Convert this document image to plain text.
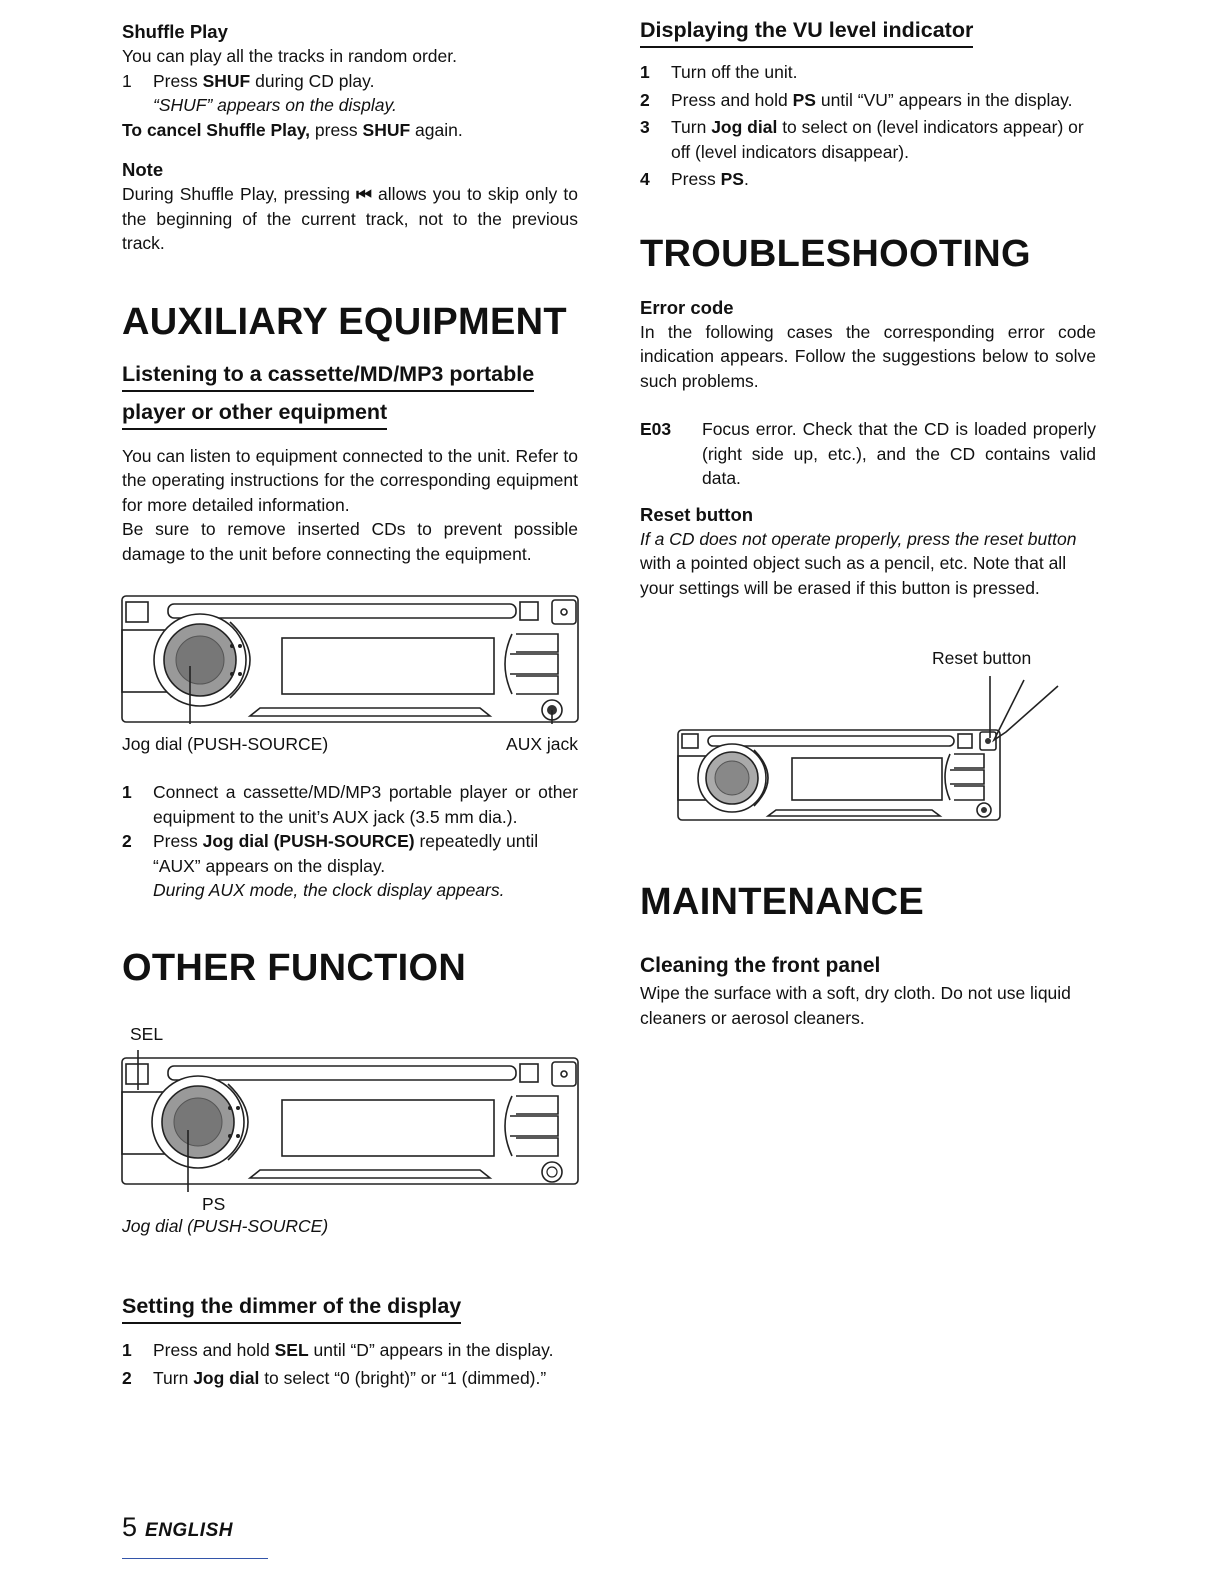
Shuffle Play

You can play all the tracks in random order.

1 Press SHUF during CD play.

“SHUF” appears on the display.

To cancel Shuffle Play, press SHUF again.

Note

During Shuffle Play, pressing ⏮ allows you to skip only to the beginning of the current track, not to the previous track.

AUXILIARY EQUIPMENT

Listening to a cassette/MD/MP3 portable
player or other equipment

You can listen to equipment connected to the unit. Refer to the operating instructions for the corresponding equipment for more detailed information.

Be sure to remove inserted CDs to prevent possible damage to the unit before connecting the equipment.

Jog dial (PUSH-SOURCE)	AUX jack
1 Connect a cassette/MD/MP3 portable player or other equipment to the unit’s AUX jack (3.5 mm dia.).
2 Press Jog dial (PUSH-SOURCE) repeatedly until “AUX” appears on the display.

During AUX mode, the clock display appears.

OTHER FUNCTION

SEL
PS
Jog dial (PUSH-SOURCE)
Setting the dimmer of the display
1 Press and hold SEL until “D” appears in the display.
2 Turn Jog dial to select “0 (bright)” or “1 (dimmed).”
Displaying the VU level indicator
1 Turn off the unit.
2 Press and hold PS until “VU” appears in the display.
3 Turn Jog dial to select on (level indicators appear) or off (level indicators disappear).
4 Press PS.

TROUBLESHOOTING

Error code

In the following cases the corresponding error code indication appears. Follow the suggestions below to solve such problems.

E03 Focus error. Check that the CD is loaded properly (right side up, etc.), and the CD contains valid data.

Reset button

If a CD does not operate properly, press the reset button with a pointed object such as a pencil, etc. Note that all your settings will be erased if this button is pressed.

Reset button

MAINTENANCE

Cleaning the front panel

Wipe the surface with a soft, dry cloth. Do not use liquid cleaners or aerosol cleaners.

5 ENGLISH
